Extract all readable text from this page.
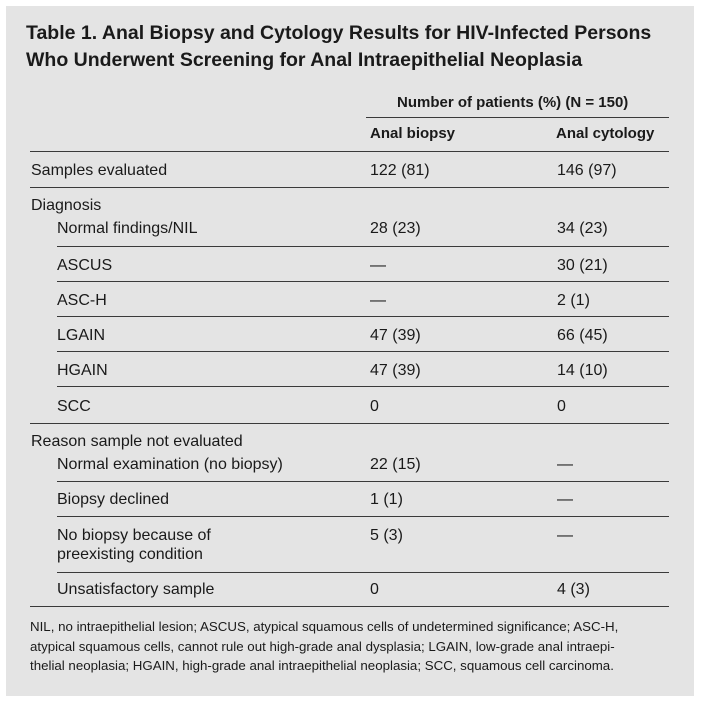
Table 1. Anal Biopsy and Cytology Results for HIV-Infected Persons
Who Underwent Screening for Anal Intraepithelial Neoplasia
Number of patients (%) (N = 150)
Anal biopsy	Anal cytology
Samples evaluated	122 (81)	146 (97)
Diagnosis
Normal findings/NIL	28 (23)	34 (23)
ASCUS	—	30 (21)
ASC-H	—	2 (1)
LGAIN	47 (39)	66 (45)
HGAIN	47 (39)	14 (10)
SCC	0	0
Reason sample not evaluated
Normal examination (no biopsy)	22 (15)	—
Biopsy declined	1 (1)	—
No biopsy because of
preexisting condition
5 (3)	—
Unsatisfactory sample	0	4 (3)
NIL, no intraepithelial lesion; ASCUS, atypical squamous cells of undetermined significance; ASC-H,
atypical squamous cells, cannot rule out high-grade anal dysplasia; LGAIN, low-grade anal intraepi-
thelial neoplasia; HGAIN, high-grade anal intraepithelial neoplasia; SCC, squamous cell carcinoma.
